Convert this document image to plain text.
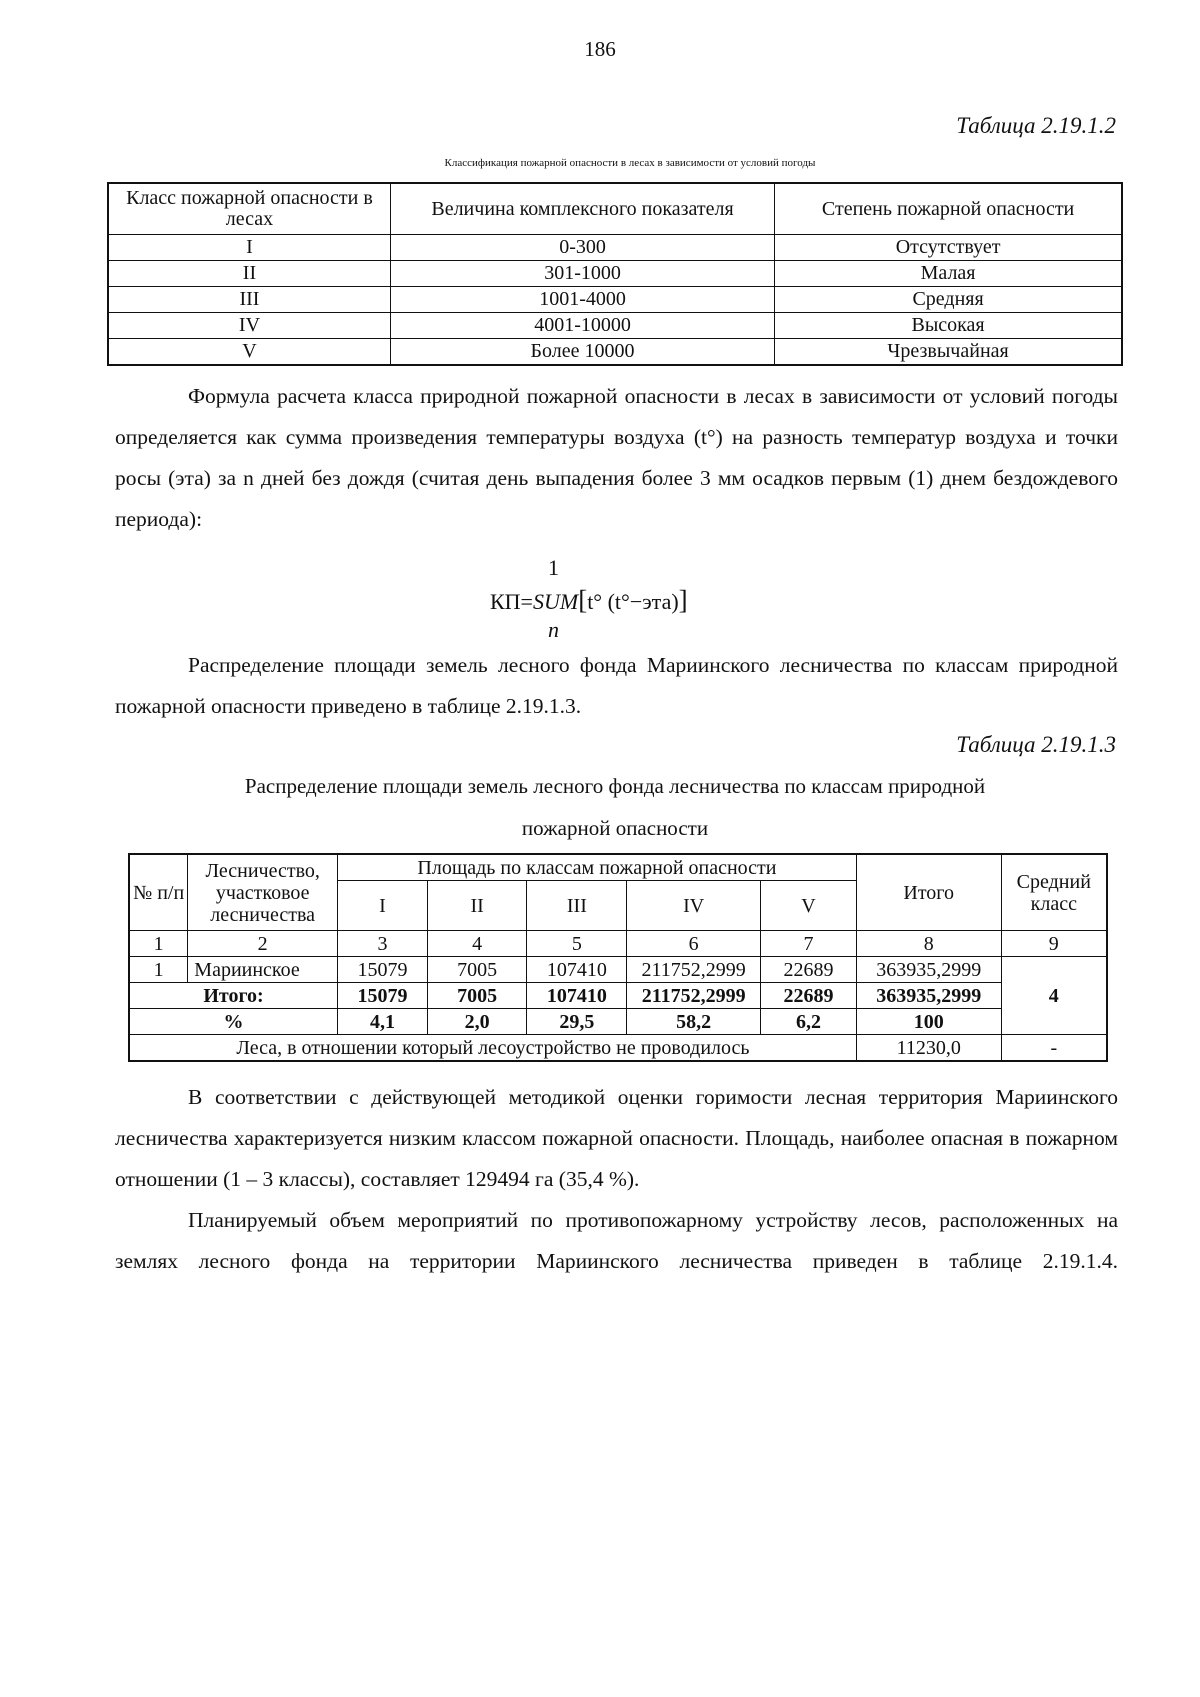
186
Таблица 2.19.1.2
Классификация пожарной опасности в лесах в зависимости от условий погоды
Класс пожарной опасности в лесах	Величина комплексного показателя	Степень пожарной опасности
I	0-300	Отсутствует
II	301-1000	Малая
III	1001-4000	Средняя
IV	4001-10000	Высокая
V	Более 10000	Чрезвычайная

Формула расчета класса природной пожарной опасности в лесах в зависимости от условий погоды определяется как сумма произведения температуры воздуха (t°) на разность температур воздуха и точки росы (эта) за n дней без дождя (считая день выпадения более 3 мм осадков первым (1) днем бездождевого периода):

1
КП=SUM[t° (t°−эта)]
n

Распределение площади земель лесного фонда Мариинского лесничества по классам природной пожарной опасности приведено в таблице 2.19.1.3.

Таблица 2.19.1.3
Распределение площади земель лесного фонда лесничества по классам природной
пожарной опасности
№ п/п	Лесничество, участковое лесничества	Площадь по классам пожарной опасности					Итого	Средний класс
		I	II	III	IV	V		
1	2	3	4	5	6	7	8	9
1	Мариинское	15079	7005	107410	211752,2999	22689	363935,2999	4
Итого:		15079	7005	107410	211752,2999	22689	363935,2999	
%		4,1	2,0	29,5	58,2	6,2	100	
Леса, в отношении который лесоустройство не проводилось							11230,0	-

В соответствии с действующей методикой оценки горимости лесная территория Мариинского лесничества характеризуется низким классом пожарной опасности. Площадь, наиболее опасная в пожарном отношении (1 – 3 классы), составляет 129494 га (35,4 %).

Планируемый объем мероприятий по противопожарному устройству лесов, расположенных на землях лесного фонда на территории Мариинского лесничества приведен в таблице 2.19.1.4.
